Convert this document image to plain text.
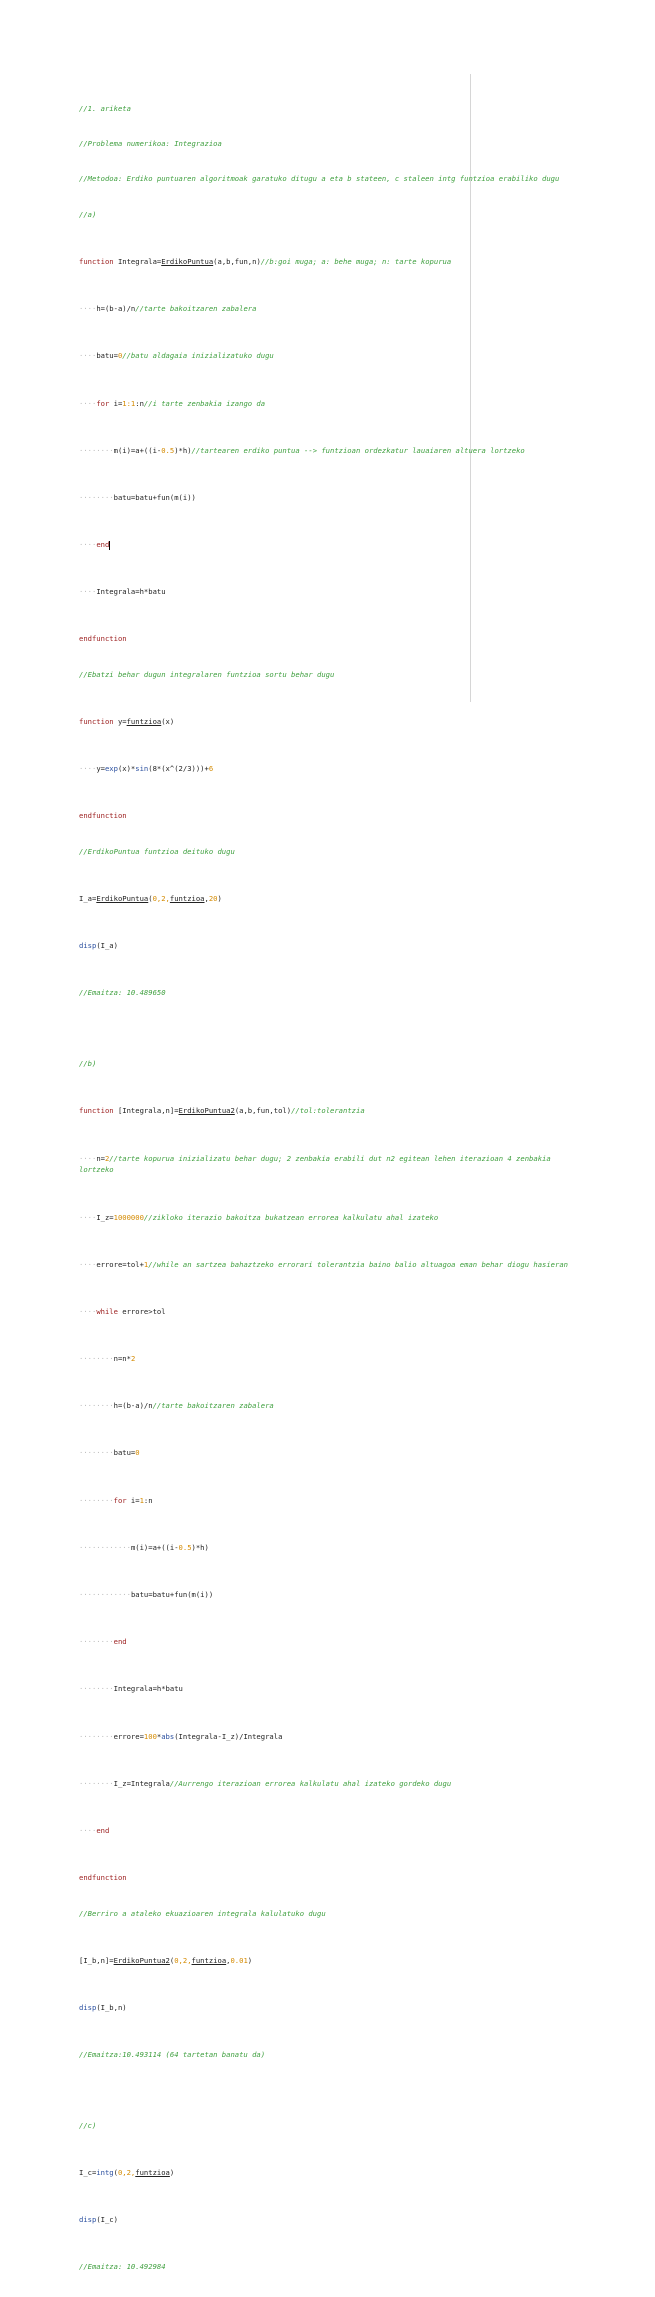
//1. ariketa

//Problema numerikoa: Integrazioa

//Metodoa: Erdiko puntuaren algoritmoak garatuko ditugu a eta b stateen, c staleen intg funtzioa erabiliko dugu

//a)

function Integrala=ErdikoPuntua(a,b,fun,n)//b:goi muga; a: behe muga; n: tarte kopurua

····h=(b-a)/n//tarte bakoitzaren zabalera

····batu=0//batu aldagaia inizializatuko dugu

····for i=1:1:n//i tarte zenbakia izango da

········m(i)=a+((i-0.5)*h)//tartearen erdiko puntua --> funtzioan ordezkatur lauaiaren altuera lortzeko

········batu=batu+fun(m(i))

····end

····Integrala=h*batu

endfunction

//Ebatzi behar dugun integralaren funtzioa sortu behar dugu

function y=funtzioa(x)

····y=exp(x)*sin(8*(x^(2/3)))+6

endfunction

//ErdikoPuntua funtzioa deituko dugu

I_a=ErdikoPuntua(0,2,funtzioa,20)

disp(I_a)

//Emaitza: 10.489650

//b)

function [Integrala,n]=ErdikoPuntua2(a,b,fun,tol)//tol:tolerantzia

····n=2//tarte kopurua inizializatu behar dugu; 2 zenbakia erabili dut n2 egitean lehen iterazioan 4 zenbakia lortzeko

····I_z=1000000//zikloko iterazio bakoitza bukatzean errorea kalkulatu ahal izateko

····errore=tol+1//while an sartzea bahaztzeko errorari tolerantzia baino balio altuagoa eman behar diogu hasieran

····while errore>tol

········n=n*2

········h=(b-a)/n//tarte bakoitzaren zabalera

········batu=0

········for i=1:n

············m(i)=a+((i-0.5)*h)

············batu=batu+fun(m(i))

········end

········Integrala=h*batu

········errore=100*abs(Integrala-I_z)/Integrala

········I_z=Integrala//Aurrengo iterazioan errorea kalkulatu ahal izateko gordeko dugu

····end

endfunction

//Berriro a ataleko ekuazioaren integrala kalulatuko dugu

[I_b,n]=ErdikoPuntua2(0,2,funtzioa,0.01)

disp(I_b,n)

//Emaitza:10.493114 (64 tartetan banatu da)

//c)

I_c=intg(0,2,funtzioa)

disp(I_c)

//Emaitza: 10.492984
